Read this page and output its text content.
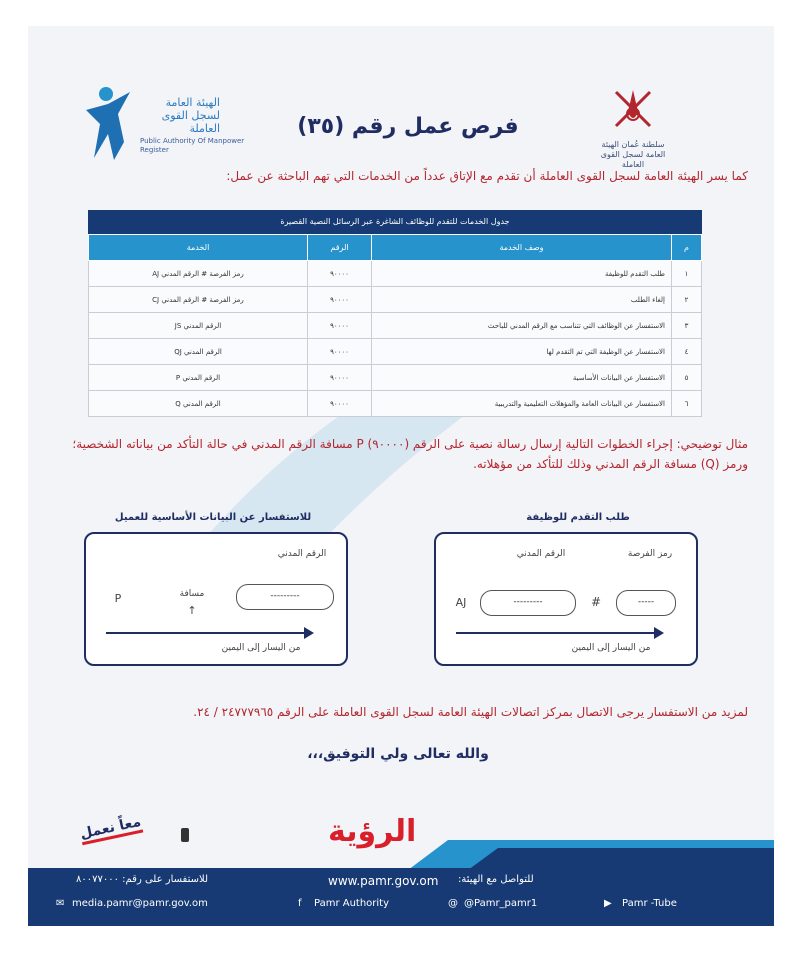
الهيئة العامة لسجل القوى العاملة
Public Authority Of Manpower Register
سلطنة عُمان الهيئة العامة لسجل القوى العاملة
فرص عمل رقم (٣٥)
كما يسر الهيئة العامة لسجل القوى العاملة أن تقدم مع الإتاق عدداً من الخدمات التي تهم الباحثة عن عمل:
جدول الخدمات للتقدم للوظائف الشاغرة عبر الرسائل النصية القصيرة
م	وصف الخدمة	الرقم	الخدمة
١	طلب التقدم للوظيفة	٩٠٠٠٠	رمز الفرصة # الرقم المدني AJ
٢	إلغاء الطلب	٩٠٠٠٠	رمز الفرصة # الرقم المدني CJ
٣	الاستفسار عن الوظائف التي تتناسب مع الرقم المدني للباحث	٩٠٠٠٠	الرقم المدني JS
٤	الاستفسار عن الوظيفة التي تم التقدم لها	٩٠٠٠٠	الرقم المدني QJ
٥	الاستفسار عن البيانات الأساسية	٩٠٠٠٠	الرقم المدني P
٦	الاستفسار عن البيانات العامة والمؤهلات التعليمية والتدريبية	٩٠٠٠٠	الرقم المدني Q
مثال توضيحي: إجراء الخطوات التالية إرسال رسالة نصية على الرقم (٩٠٠٠٠) P مسافة الرقم المدني في حالة التأكد من بياناته الشخصية؛ ورمز (Q) مسافة الرقم المدني وذلك للتأكد من مؤهلاته.
طلب التقدم للوظيفة
رمز الفرصة
الرقم المدني
-----
#
---------
AJ
من اليسار إلى اليمين
للاستفسار عن البيانات الأساسية للعميل
الرقم المدني
---------
مسافة
↑
P
من اليسار إلى اليمين
لمزيد من الاستفسار يرجى الاتصال بمركز اتصالات الهيئة العامة لسجل القوى العاملة على الرقم ٢٤٧٧٧٩٦٥ / ٢٤.
والله تعالى ولي التوفيق،،،
معاً نعمل	الرؤية
للتواصل مع الهيئة:
www.pamr.gov.om
للاستفسار على رقم: ٨٠٠٧٧٠٠٠
✉ media.pamr@pamr.gov.om	f Pamr Authority	@ @Pamr_pamr1	▶ Pamr -Tube
